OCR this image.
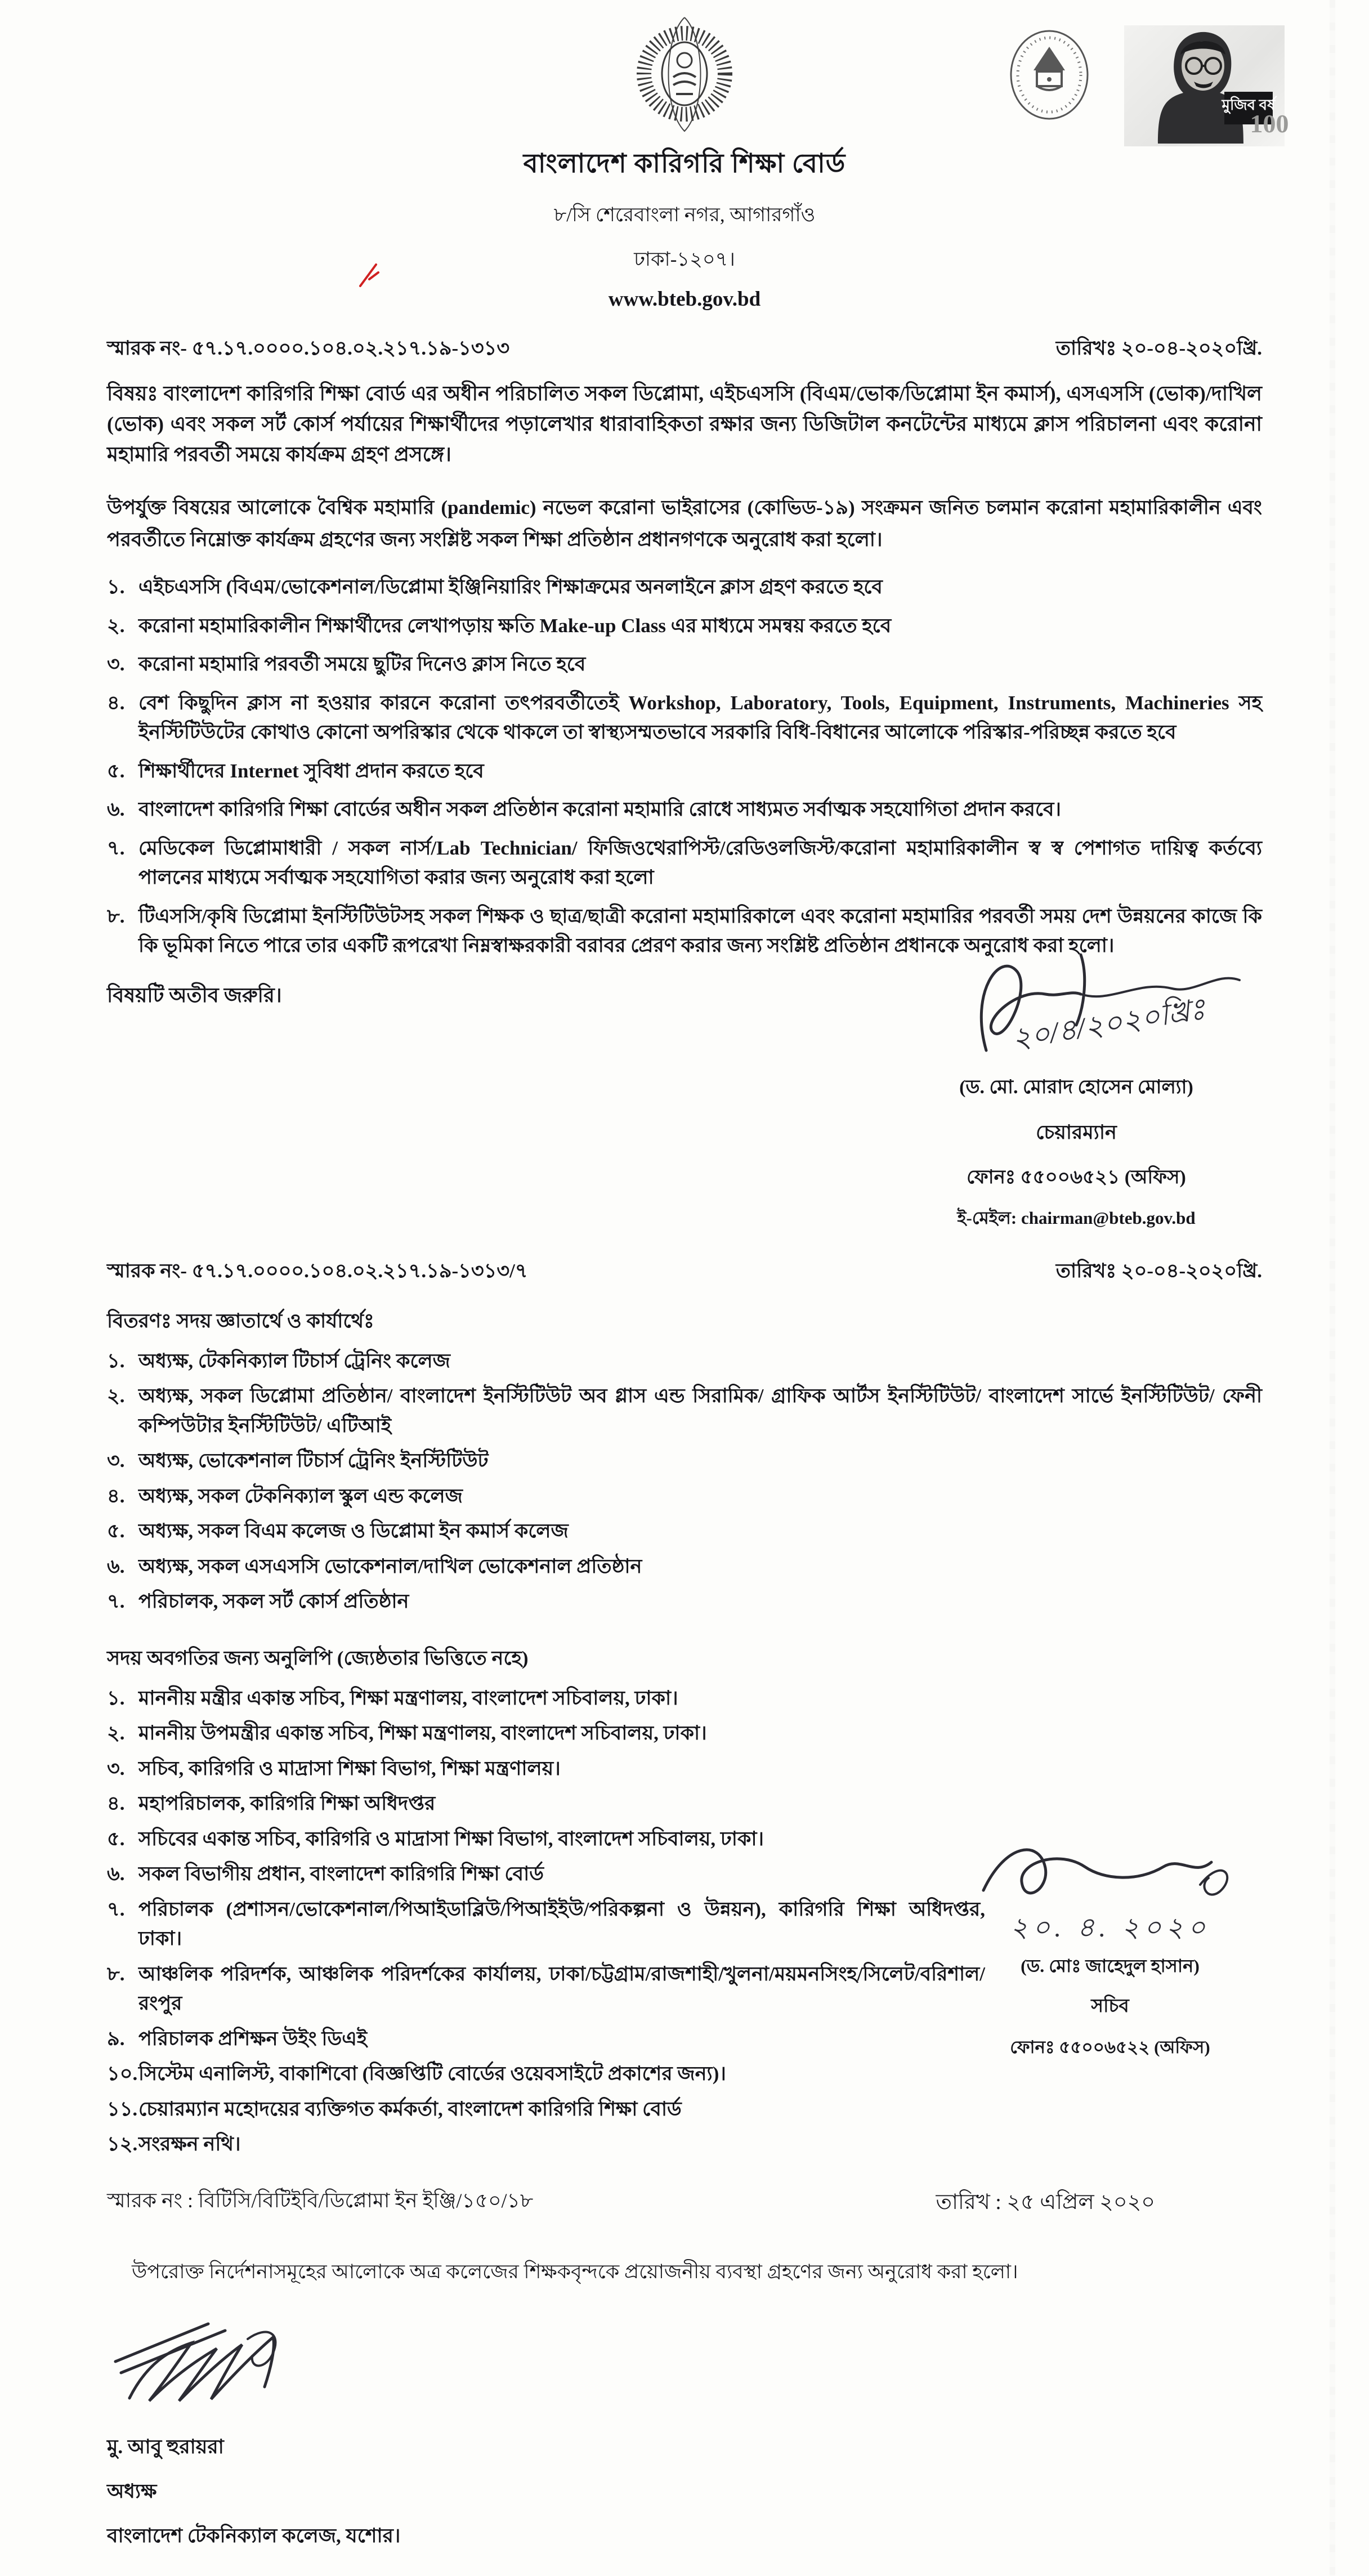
মুজিব বর্ষ
100
বাংলাদেশ কারিগরি শিক্ষা বোর্ড
৮/সি শেরেবাংলা নগর, আগারগাঁও
ঢাকা-১২০৭।
www.bteb.gov.bd
স্মারক নং- ৫৭.১৭.০০০০.১০৪.০২.২১৭.১৯-১৩১৩	তারিখঃ ২০-০৪-২০২০খ্রি.
বিষয়ঃ বাংলাদেশ কারিগরি শিক্ষা বোর্ড এর অধীন পরিচালিত সকল ডিপ্লোমা, এইচএসসি (বিএম/ভোক/ডিপ্লোমা ইন কমার্স), এসএসসি (ভোক)/দাখিল (ভোক) এবং সকল সর্ট কোর্স পর্যায়ের শিক্ষার্থীদের পড়ালেখার ধারাবাহিকতা রক্ষার জন্য ডিজিটাল কনটেন্টের মাধ্যমে ক্লাস পরিচালনা এবং করোনা মহামারি পরবর্তী সময়ে কার্যক্রম গ্রহণ প্রসঙ্গে।
উপর্যুক্ত বিষয়ের আলোকে বৈশ্বিক মহামারি (pandemic) নভেল করোনা ভাইরাসের (কোভিড-১৯) সংক্রমন জনিত চলমান করোনা মহামারিকালীন এবং পরবর্তীতে নিম্নোক্ত কার্যক্রম গ্রহণের জন্য সংশ্লিষ্ট সকল শিক্ষা প্রতিষ্ঠান প্রধানগণকে অনুরোধ করা হলো।
১. এইচএসসি (বিএম/ভোকেশনাল/ডিপ্লোমা ইঞ্জিনিয়ারিং শিক্ষাক্রমের অনলাইনে ক্লাস গ্রহণ করতে হবে
২. করোনা মহামারিকালীন শিক্ষার্থীদের লেখাপড়ায় ক্ষতি Make-up Class এর মাধ্যমে সমন্বয় করতে হবে
৩. করোনা মহামারি পরবর্তী সময়ে ছুটির দিনেও ক্লাস নিতে হবে
৪. বেশ কিছুদিন ক্লাস না হওয়ার কারনে করোনা তৎপরবর্তীতেই Workshop, Laboratory, Tools, Equipment, Instruments, Machineries সহ ইনস্টিটিউটের কোথাও কোনো অপরিস্কার থেকে থাকলে তা স্বাস্থ্যসম্মতভাবে সরকারি বিধি-বিধানের আলোকে পরিস্কার-পরিচ্ছন্ন করতে হবে
৫. শিক্ষার্থীদের Internet সুবিধা প্রদান করতে হবে
৬. বাংলাদেশ কারিগরি শিক্ষা বোর্ডের অধীন সকল প্রতিষ্ঠান করোনা মহামারি রোধে সাধ্যমত সর্বাত্মক সহযোগিতা প্রদান করবে।
৭. মেডিকেল ডিপ্লোমাধারী / সকল নার্স/Lab Technician/ ফিজিওথেরাপিস্ট/রেডিওলজিস্ট/করোনা মহামারিকালীন স্ব স্ব পেশাগত দায়িত্ব কর্তব্যে পালনের মাধ্যমে সর্বাত্মক সহযোগিতা করার জন্য অনুরোধ করা হলো
৮. টিএসসি/কৃষি ডিপ্লোমা ইনস্টিটিউটসহ সকল শিক্ষক ও ছাত্র/ছাত্রী করোনা মহামারিকালে এবং করোনা মহামারির পরবর্তী সময় দেশ উন্নয়নের কাজে কি কি ভূমিকা নিতে পারে তার একটি রূপরেখা নিম্নস্বাক্ষরকারী বরাবর প্রেরণ করার জন্য সংশ্লিষ্ট প্রতিষ্ঠান প্রধানকে অনুরোধ করা হলো।
বিষয়টি অতীব জরুরি।	২০/৪/২০২০খ্রিঃ
(ড. মো. মোরাদ হোসেন মোল্যা)
চেয়ারম্যান
ফোনঃ ৫৫০০৬৫২১ (অফিস)
ই-মেইল: chairman@bteb.gov.bd
স্মারক নং- ৫৭.১৭.০০০০.১০৪.০২.২১৭.১৯-১৩১৩/৭	তারিখঃ ২০-০৪-২০২০খ্রি.
বিতরণঃ সদয় জ্ঞাতার্থে ও কার্যার্থেঃ
১. অধ্যক্ষ, টেকনিক্যাল টিচার্স ট্রেনিং কলেজ
২. অধ্যক্ষ, সকল ডিপ্লোমা প্রতিষ্ঠান/ বাংলাদেশ ইনস্টিটিউট অব গ্লাস এন্ড সিরামিক/ গ্রাফিক আর্টস ইনস্টিটিউট/ বাংলাদেশ সার্ভে ইনস্টিটিউট/ ফেনী কম্পিউটার ইনস্টিটিউট/ এটিআই
৩. অধ্যক্ষ, ভোকেশনাল টিচার্স ট্রেনিং ইনস্টিটিউট
৪. অধ্যক্ষ, সকল টেকনিক্যাল স্কুল এন্ড কলেজ
৫. অধ্যক্ষ, সকল বিএম কলেজ ও ডিপ্লোমা ইন কমার্স কলেজ
৬. অধ্যক্ষ, সকল এসএসসি ভোকেশনাল/দাখিল ভোকেশনাল প্রতিষ্ঠান
৭. পরিচালক, সকল সর্ট কোর্স প্রতিষ্ঠান
সদয় অবগতির জন্য অনুলিপি (জ্যেষ্ঠতার ভিত্তিতে নহে)
১. মাননীয় মন্ত্রীর একান্ত সচিব, শিক্ষা মন্ত্রণালয়, বাংলাদেশ সচিবালয়, ঢাকা।
২. মাননীয় উপমন্ত্রীর একান্ত সচিব, শিক্ষা মন্ত্রণালয়, বাংলাদেশ সচিবালয়, ঢাকা।
৩. সচিব, কারিগরি ও মাদ্রাসা শিক্ষা বিভাগ, শিক্ষা মন্ত্রণালয়।
৪. মহাপরিচালক, কারিগরি শিক্ষা অধিদপ্তর
৫. সচিবের একান্ত সচিব, কারিগরি ও মাদ্রাসা শিক্ষা বিভাগ, বাংলাদেশ সচিবালয়, ঢাকা।
৬. সকল বিভাগীয় প্রধান, বাংলাদেশ কারিগরি শিক্ষা বোর্ড
৭. পরিচালক (প্রশাসন/ভোকেশনাল/পিআইডাব্লিউ/পিআইইউ/পরিকল্পনা ও উন্নয়ন), কারিগরি শিক্ষা অধিদপ্তর, ঢাকা।
৮. আঞ্চলিক পরিদর্শক, আঞ্চলিক পরিদর্শকের কার্যালয়, ঢাকা/চট্টগ্রাম/রাজশাহী/খুলনা/ময়মনসিংহ/সিলেট/বরিশাল/রংপুর
৯. পরিচালক প্রশিক্ষন উইং ডিএই
১০. সিস্টেম এনালিস্ট, বাকাশিবো (বিজ্ঞপ্তিটি বোর্ডের ওয়েবসাইটে প্রকাশের জন্য)।
১১. চেয়ারম্যান মহোদয়ের ব্যক্তিগত কর্মকর্তা, বাংলাদেশ কারিগরি শিক্ষা বোর্ড
১২. সংরক্ষন নথি।
২০. ৪. ২০২০
(ড. মোঃ জাহেদুল হাসান)
সচিব
ফোনঃ ৫৫০০৬৫২২ (অফিস)
স্মারক নং : বিটিসি/বিটিইবি/ডিপ্লোমা ইন ইঞ্জি/১৫০/১৮	তারিখ : ২৫ এপ্রিল ২০২০
উপরোক্ত নির্দেশনাসমূহের আলোকে অত্র কলেজের শিক্ষকবৃন্দকে প্রয়োজনীয় ব্যবস্থা গ্রহণের জন্য অনুরোধ করা হলো।
মু. আবু হুরায়রা
অধ্যক্ষ
বাংলাদেশ টেকনিক্যাল কলেজ, যশোর।
